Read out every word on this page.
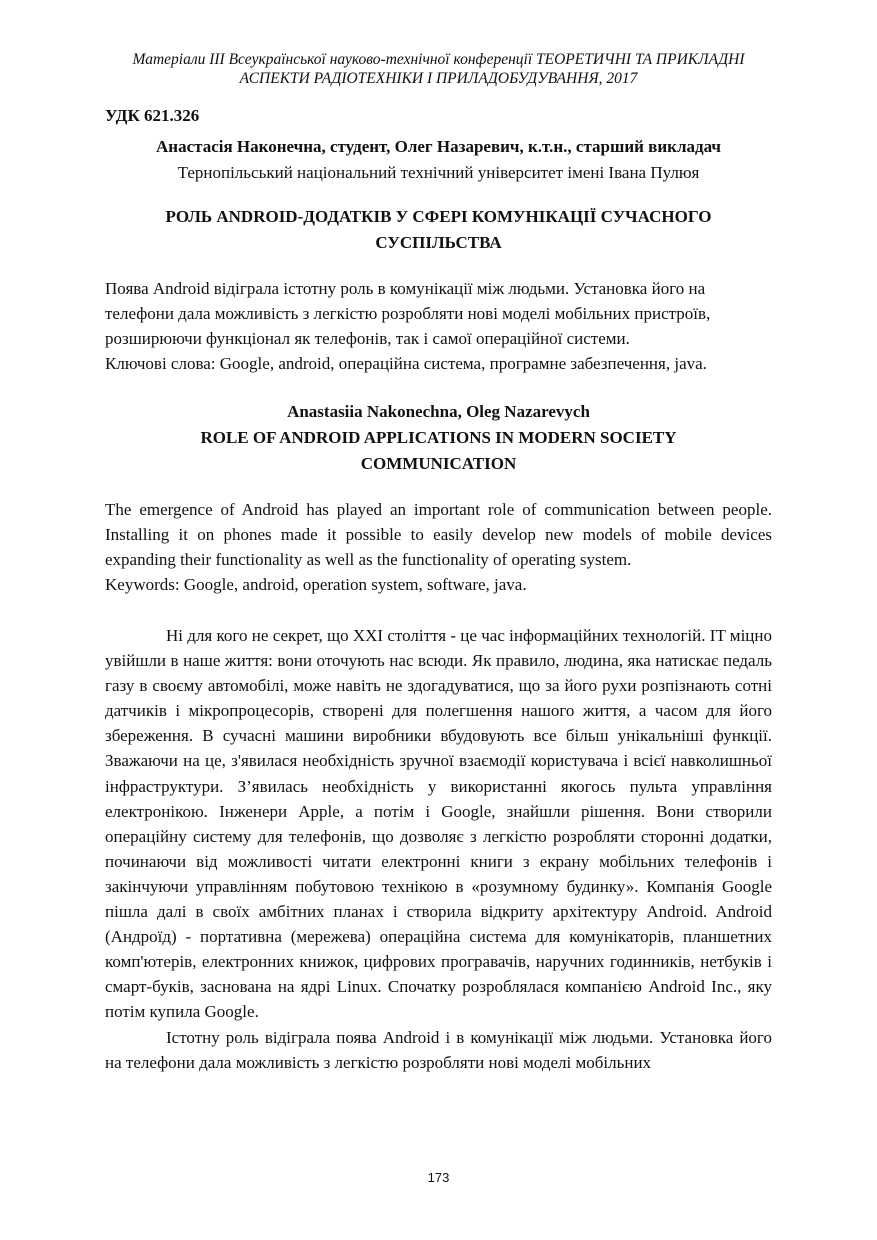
Матеріали ІІІ Всеукраїнської науково-технічної конференції ТЕОРЕТИЧНІ ТА ПРИКЛАДНІ
АСПЕКТИ РАДІОТЕХНІКИ І ПРИЛАДОБУДУВАННЯ, 2017
УДК 621.326
Анастасія Наконечна, студент, Олег Назаревич, к.т.н., старший викладач
Тернопільський національний технічний університет імені Івана Пулюя
РОЛЬ ANDROID-ДОДАТКІВ У СФЕРІ КОМУНІКАЦІЇ СУЧАСНОГО СУСПІЛЬСТВА

Поява Android відіграла істотну роль в комунікації між людьми. Установка його на телефони дала можливість з легкістю розробляти нові моделі мобільних пристроїв, розширюючи функціонал як телефонів, так і самої операційної системи.

Ключові слова: Google, android, операційна система, програмне забезпечення, java.

Anastasiia Nakonechna, Oleg Nazarevych
ROLE OF ANDROID APPLICATIONS IN MODERN SOCIETY COMMUNICATION

The emergence of Android has played an important role of communication between people. Installing it on phones made it possible to easily develop new models of mobile devices expanding their functionality as well as the functionality of operating system.

Keywords: Google, android, operation system, software, java.

Ні для кого не секрет, що XXI століття - це час інформаційних технологій. IT міцно увійшли в наше життя: вони оточують нас всюди. Як правило, людина, яка натискає педаль газу в своєму автомобілі, може навіть не здогадуватися, що за його рухи розпізнають сотні датчиків і мікропроцесорів, створені для полегшення нашого життя, а часом для його збереження. В сучасні машини виробники вбудовують все більш унікальніші функції. Зважаючи на це, з'явилася необхідність зручної взаємодії користувача і всієї навколишньої інфраструктури. З’явилась необхідність у використанні якогось пульта управління електронікою. Інженери Apple, а потім і Google, знайшли рішення. Вони створили операційну систему для телефонів, що дозволяє з легкістю розробляти сторонні додатки, починаючи від можливості читати електронні книги з екрану мобільних телефонів і закінчуючи управлінням побутовою технікою в «розумному будинку». Компанія Google пішла далі в своїх амбітних планах і створила відкриту архітектуру Android. Android (Андроїд) - портативна (мережева) операційна система для комунікаторів, планшетних комп'ютерів, електронних книжок, цифрових програвачів, наручних годинників, нетбуків і смарт-буків, заснована на ядрі Linux. Спочатку розроблялася компанією Android Inc., яку потім купила Google.

Істотну роль відіграла поява Android і в комунікації між людьми. Установка його на телефони дала можливість з легкістю розробляти нові моделі мобільних

173
